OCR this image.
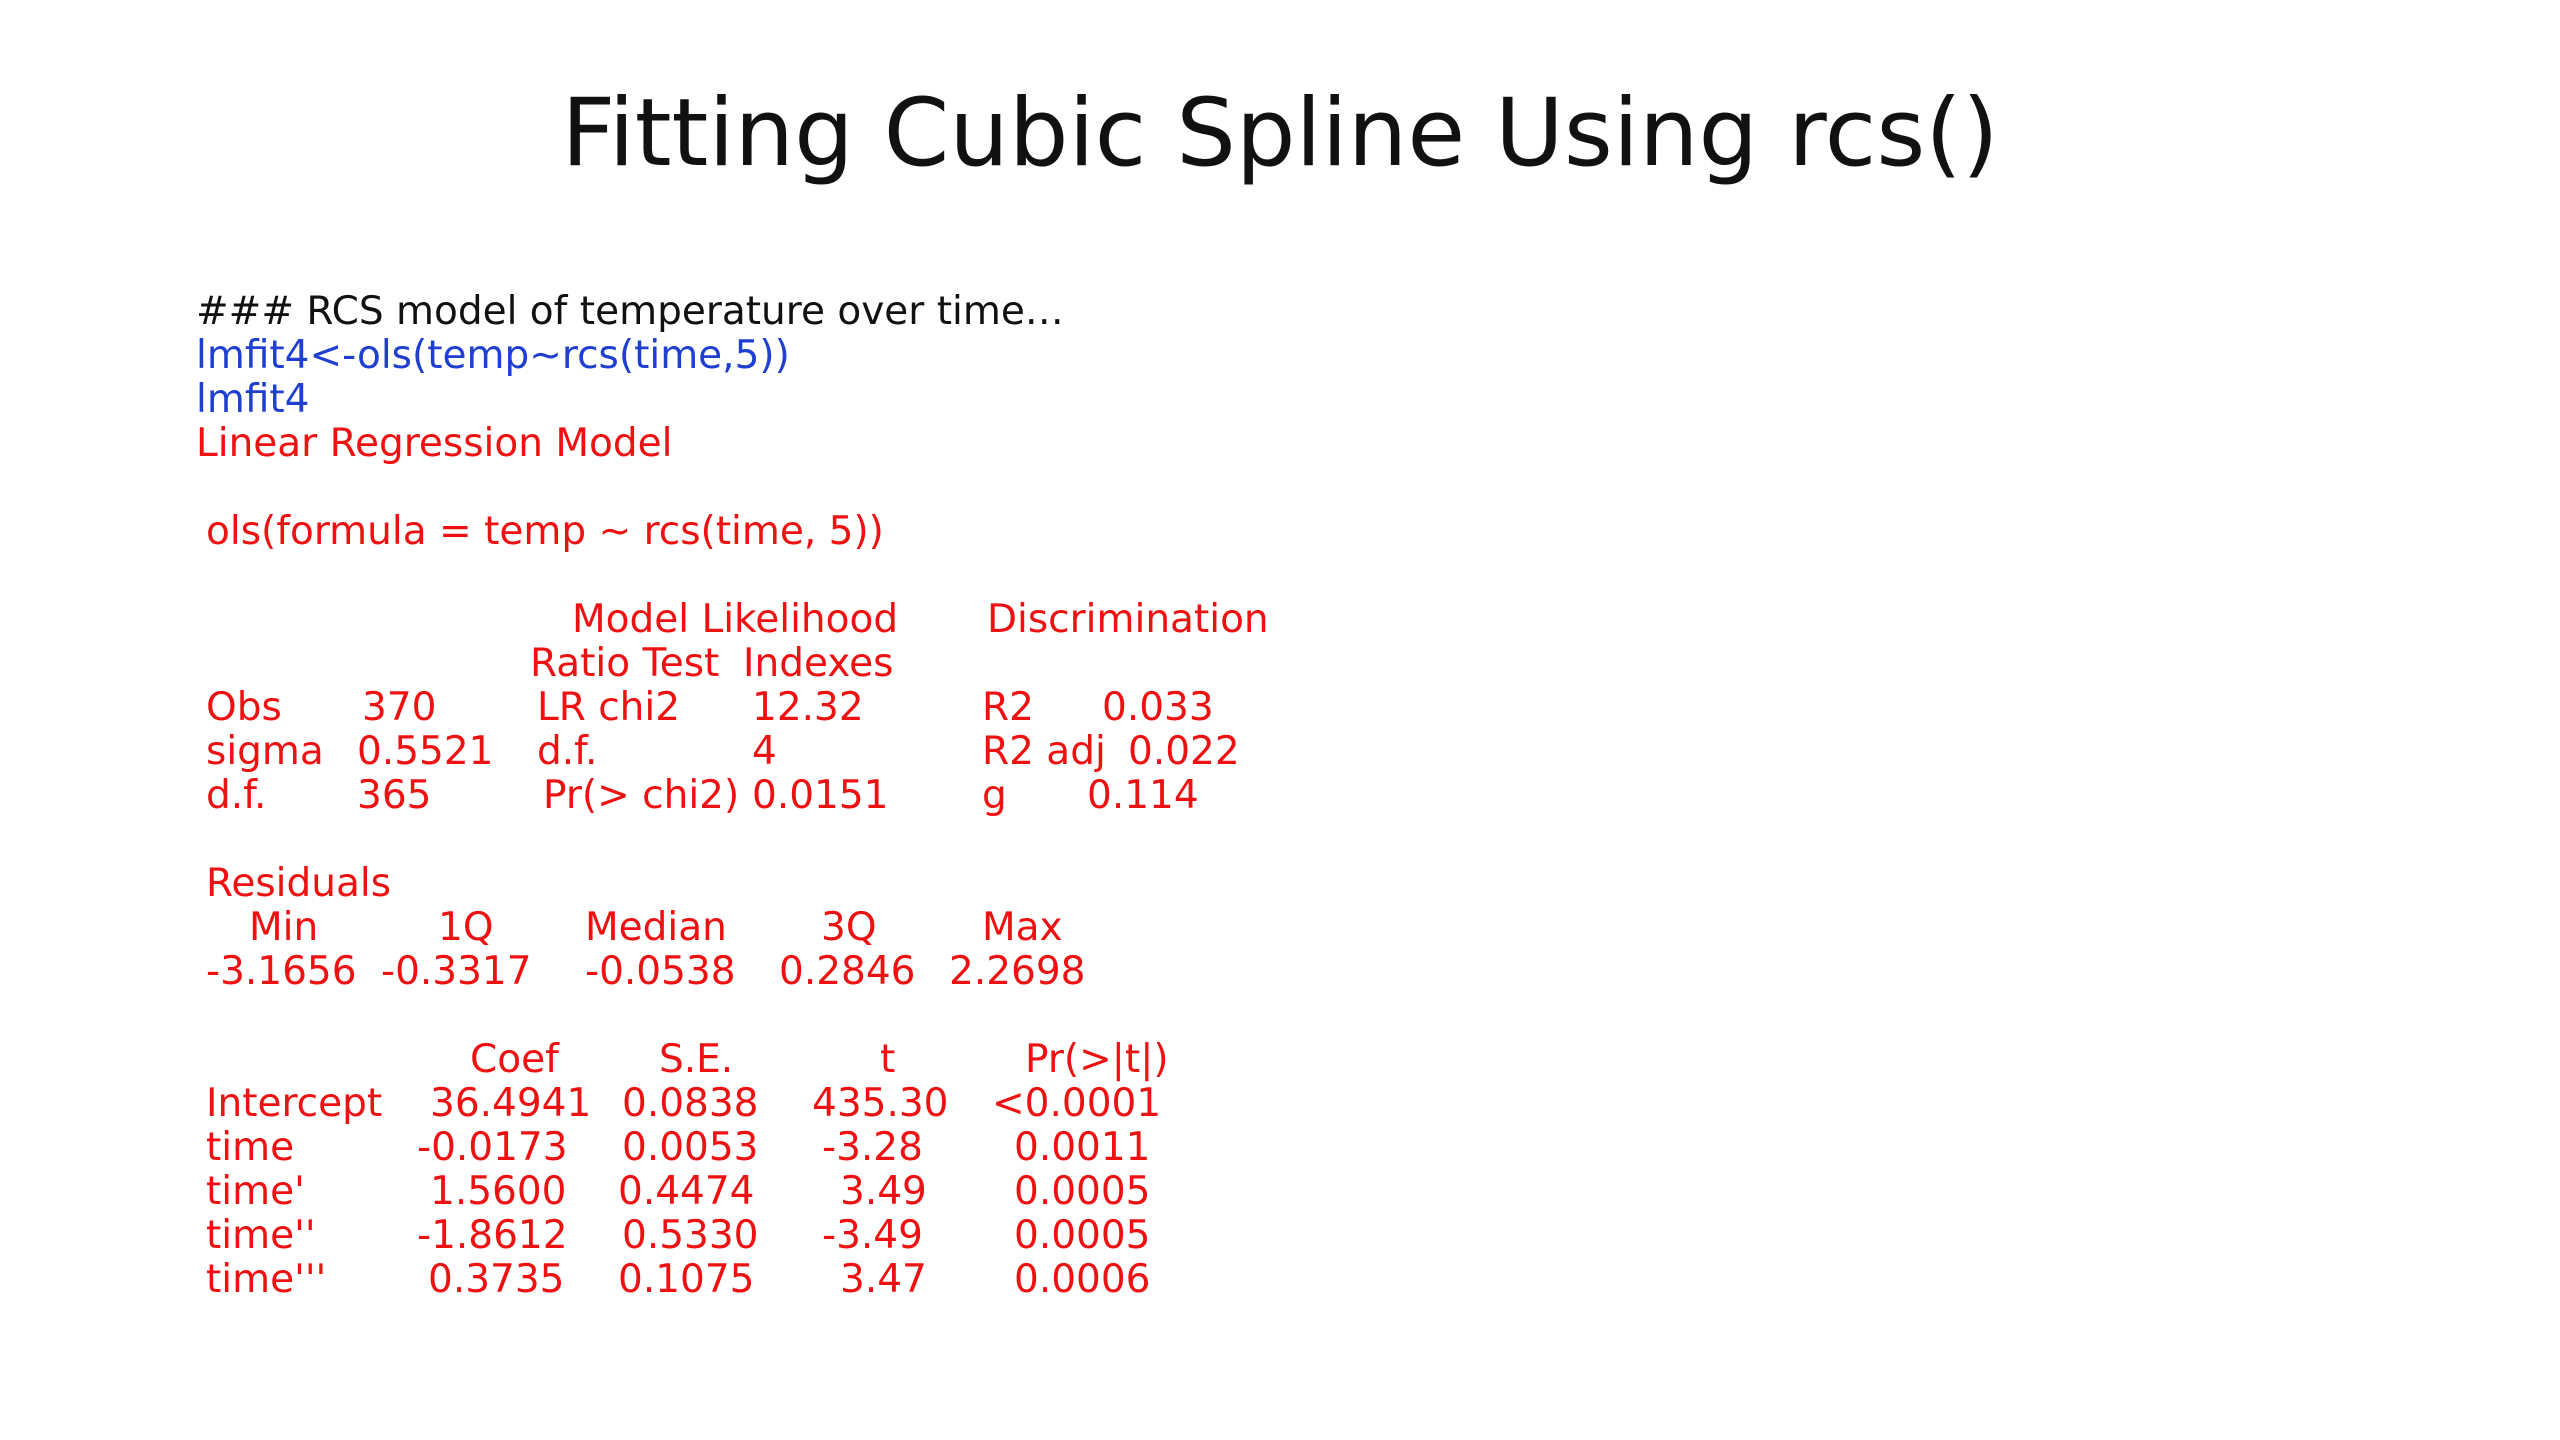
Fitting Cubic Spline Using rcs()
### RCS model of temperature over time…
lmfit4<-ols(temp~rcs(time,5))
lmfit4
Linear Regression Model
ols(formula = temp ~ rcs(time, 5))
Model Likelihood Discrimination
Ratio Test Indexes
Obs 370	LR chi2 12.32	R2 0.033
sigma 0.5521 d.f.	4	R2 adj 0.022
d.f. 365	Pr(> chi2) 0.0151 g 0.114
Residuals
Min	1Q Median 3Q	Max
-3.1656 -0.3317 -0.0538 0.2846 2.2698
Coef	S.E.	t	Pr(>|t|)
Intercept 36.4941 0.0838 435.30 <0.0001
time	-0.0173 0.0053 -3.28 0.0011
time'	1.5600 0.4474 3.49 0.0005
time''	-1.8612 0.5330 -3.49 0.0005
time'''	0.3735 0.1075 3.47 0.0006
